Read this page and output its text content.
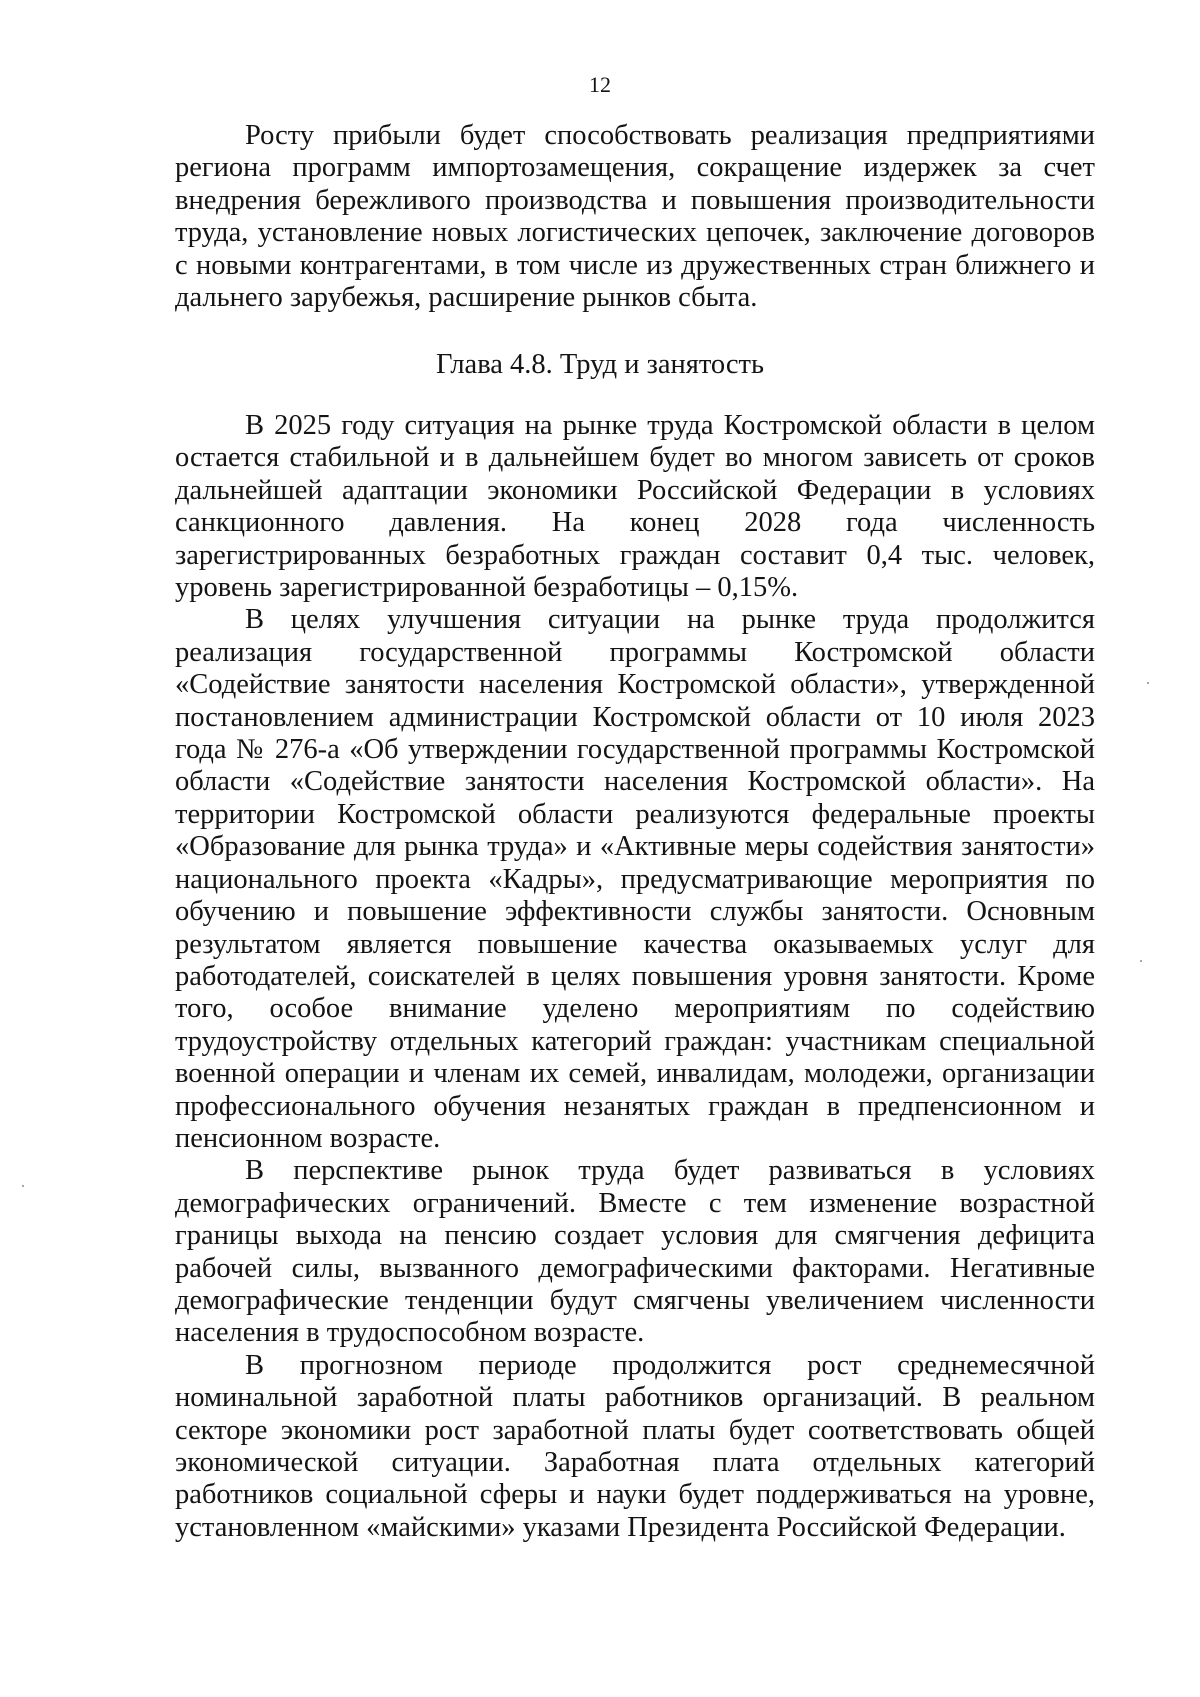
12

Росту прибыли будет способствовать реализация предприятиями региона программ импортозамещения, сокращение издержек за счет внедрения бережливого производства и повышения производительности труда, установление новых логистических цепочек, заключение договоров с новыми контрагентами, в том числе из дружественных стран ближнего и дальнего зарубежья, расширение рынков сбыта.

Глава 4.8. Труд и занятость

В 2025 году ситуация на рынке труда Костромской области в целом остается стабильной и в дальнейшем будет во многом зависеть от сроков дальнейшей адаптации экономики Российской Федерации в условиях санкционного давления. На конец 2028 года численность зарегистрированных безработных граждан составит 0,4 тыс. человек, уровень зарегистрированной безработицы – 0,15%.

В целях улучшения ситуации на рынке труда продолжится реализация государственной программы Костромской области «Содействие занятости населения Костромской области», утвержденной постановлением администрации Костромской области от 10 июля 2023 года № 276-а «Об утверждении государственной программы Костромской области «Содействие занятости населения Костромской области». На территории Костромской области реализуются федеральные проекты «Образование для рынка труда» и «Активные меры содействия занятости» национального проекта «Кадры», предусматривающие мероприятия по обучению и повышение эффективности службы занятости. Основным результатом является повышение качества оказываемых услуг для работодателей, соискателей в целях повышения уровня занятости. Кроме того, особое внимание уделено мероприятиям по содействию трудоустройству отдельных категорий граждан: участникам специальной военной операции и членам их семей, инвалидам, молодежи, организации профессионального обучения незанятых граждан в предпенсионном и пенсионном возрасте.

В перспективе рынок труда будет развиваться в условиях демографических ограничений. Вместе с тем изменение возрастной границы выхода на пенсию создает условия для смягчения дефицита рабочей силы, вызванного демографическими факторами. Негативные демографические тенденции будут смягчены увеличением численности населения в трудоспособном возрасте.

В прогнозном периоде продолжится рост среднемесячной номинальной заработной платы работников организаций. В реальном секторе экономики рост заработной платы будет соответствовать общей экономической ситуации. Заработная плата отдельных категорий работников социальной сферы и науки будет поддерживаться на уровне, установленном «майскими» указами Президента Российской Федерации.
